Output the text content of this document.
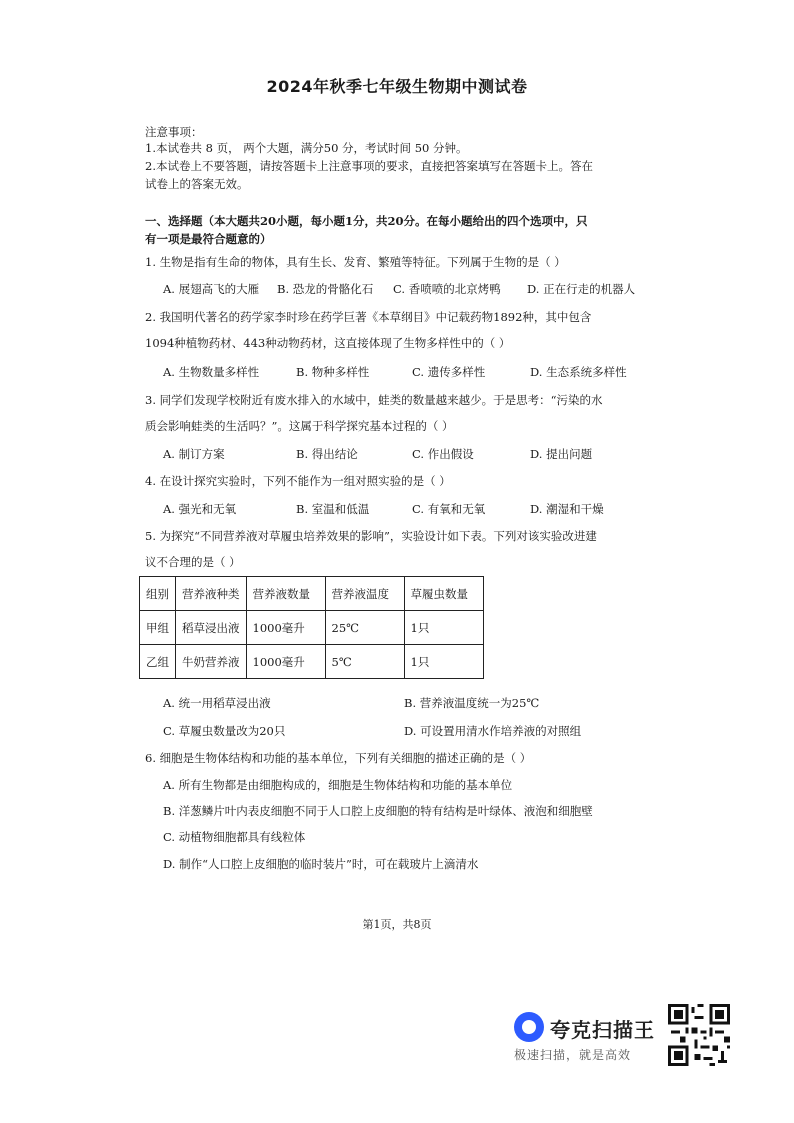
2024年秋季七年级生物期中测试卷
注意事项：
1.本试卷共 8 页， 两个大题，满分50 分，考试时间 50 分钟。
2.本试卷上不要答题，请按答题卡上注意事项的要求，直接把答案填写在答题卡上。答在
试卷上的答案无效。
一、选择题（本大题共20小题，每小题1分，共20分。在每小题给出的四个选项中，只
有一项是最符合题意的）
1. 生物是指有生命的物体，具有生长、发育、繁殖等特征。下列属于生物的是（ ）
A. 展翅高飞的大雁 B. 恐龙的骨骼化石 C. 香喷喷的北京烤鸭 D. 正在行走的机器人
2. 我国明代著名的药学家李时珍在药学巨著《本草纲目》中记载药物1892种，其中包含
1094种植物药材、443种动物药材，这直接体现了生物多样性中的（ ）
A. 生物数量多样性	B. 物种多样性	C. 遗传多样性	D. 生态系统多样性
3. 同学们发现学校附近有废水排入的水域中，蛙类的数量越来越少。于是思考：“污染的水
质会影响蛙类的生活吗？”。这属于科学探究基本过程的（ ）
A. 制订方案	B. 得出结论	C. 作出假设	D. 提出问题
4. 在设计探究实验时，下列不能作为一组对照实验的是（ ）
A. 强光和无氧	B. 室温和低温	C. 有氧和无氧	D. 潮湿和干燥
5. 为探究“不同营养液对草履虫培养效果的影响”，实验设计如下表。下列对该实验改进建
议不合理的是（ ）
组别	营养液种类	营养液数量	营养液温度	草履虫数量
甲组	稻草浸出液	1000毫升	25℃	1只
乙组	牛奶营养液	1000毫升	5℃	1只
A. 统一用稻草浸出液	B. 营养液温度统一为25℃
C. 草履虫数量改为20只	D. 可设置用清水作培养液的对照组
6. 细胞是生物体结构和功能的基本单位，下列有关细胞的描述正确的是（ ）
A. 所有生物都是由细胞构成的，细胞是生物体结构和功能的基本单位
B. 洋葱鳞片叶内表皮细胞不同于人口腔上皮细胞的特有结构是叶绿体、液泡和细胞壁
C. 动植物细胞都具有线粒体
D. 制作“人口腔上皮细胞的临时装片”时，可在载玻片上滴清水
第1页，共8页
夸克扫描王
极速扫描，就是高效
